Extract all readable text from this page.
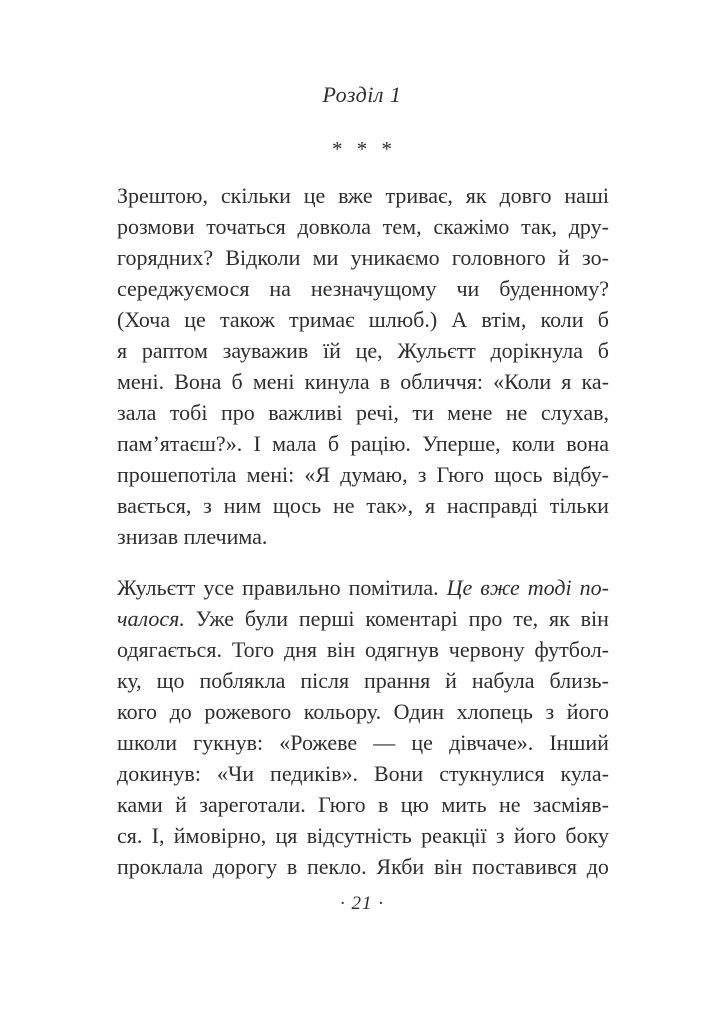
Розділ 1
* * *
Зрештою, скільки це вже триває, як довго наші
розмови точаться довкола тем, скажімо так, дру-
горядних? Відколи ми уникаємо головного й зо-
середжуємося на незначущому чи буденному?
(Хоча це також тримає шлюб.) А втім, коли б
я раптом зауважив їй це, Жульєтт дорікнула б
мені. Вона б мені кинула в обличчя: «Коли я ка-
зала тобі про важливі речі, ти мене не слухав,
пам’ятаєш?». І мала б рацію. Уперше, коли вона
прошепотіла мені: «Я думаю, з Гюго щось відбу-
вається, з ним щось не так», я насправді тільки
знизав плечима.
Жульєтт усе правильно помітила. Це вже тоді по-
чалося. Уже були перші коментарі про те, як він
одягається. Того дня він одягнув червону футбол-
ку, що поблякла після прання й набула близь-
кого до рожевого кольору. Один хлопець з його
школи гукнув: «Рожеве — це дівчаче». Інший
докинув: «Чи педиків». Вони стукнулися кула-
ками й зареготали. Гюго в цю мить не засміяв-
ся. І, ймовірно, ця відсутність реакції з його боку
проклала дорогу в пекло. Якби він поставився до
· 21 ·
